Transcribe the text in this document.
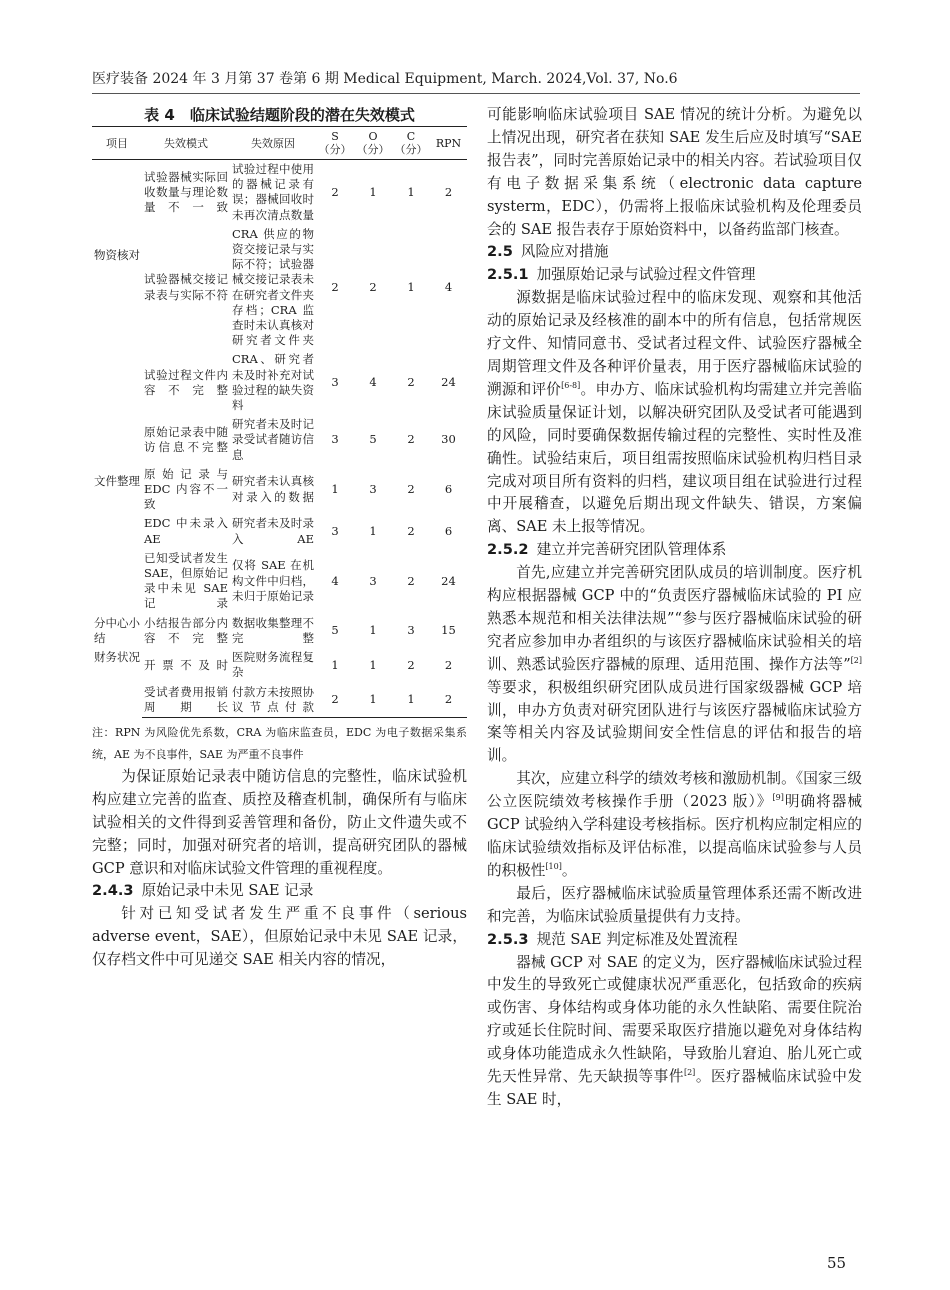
医疗装备 2024 年 3 月第 37 卷第 6 期 Medical Equipment, March. 2024,Vol. 37, No.6
表 4　临床试验结题阶段的潜在失效模式
项目	失效模式	失效原因	S（分）	O（分）	C（分）	RPN
物资核对	试验器械实际回收数量与理论数量不一致	试验过程中使用的器械记录有误；器械回收时未再次清点数量	2	1	1	2
	试验器械交接记录表与实际不符	CRA 供应的物资交接记录与实际不符；试验器械交接记录表未在研究者文件夹存档；CRA 监查时未认真核对研究者文件夹	2	2	1	4
文件整理	试验过程文件内容不完整	CRA、研究者未及时补充对试验过程的缺失资料	3	4	2	24
	原始记录表中随访信息不完整	研究者未及时记录受试者随访信息	3	5	2	30
	原始记录与 EDC 内容不一致	研究者未认真核对录入的数据	1	3	2	6
	EDC 中未录入 AE	研究者未及时录入 AE	3	1	2	6
	已知受试者发生 SAE，但原始记录中未见 SAE 记录	仅将 SAE 在机构文件中归档，未归于原始记录	4	3	2	24
分中心小结	小结报告部分内容不完整	数据收集整理不完整	5	1	3	15
财务状况	开票不及时	医院财务流程复杂	1	1	2	2
	受试者费用报销周期长	付款方未按照协议节点付款	2	1	1	2
注：RPN 为风险优先系数，CRA 为临床监查员，EDC 为电子数据采集系统，AE 为不良事件，SAE 为严重不良事件

为保证原始记录表中随访信息的完整性，临床试验机构应建立完善的监查、质控及稽查机制，确保所有与临床试验相关的文件得到妥善管理和备份，防止文件遗失或不完整；同时，加强对研究者的培训，提高研究团队的器械 GCP 意识和对临床试验文件管理的重视程度。

2.4.3 原始记录中未见 SAE 记录

针对已知受试者发生严重不良事件（serious adverse event，SAE），但原始记录中未见 SAE 记录，仅存档文件中可见递交 SAE 相关内容的情况，

可能影响临床试验项目 SAE 情况的统计分析。为避免以上情况出现，研究者在获知 SAE 发生后应及时填写“SAE 报告表”，同时完善原始记录中的相关内容。若试验项目仅有电子数据采集系统（electronic data capture systerm，EDC），仍需将上报临床试验机构及伦理委员会的 SAE 报告表存于原始资料中，以备药监部门核查。

2.5 风险应对措施
2.5.1 加强原始记录与试验过程文件管理

源数据是临床试验过程中的临床发现、观察和其他活动的原始记录及经核准的副本中的所有信息，包括常规医疗文件、知情同意书、受试者过程文件、试验医疗器械全周期管理文件及各种评价量表，用于医疗器械临床试验的溯源和评价[6-8]。申办方、临床试验机构均需建立并完善临床试验质量保证计划，以解决研究团队及受试者可能遇到的风险，同时要确保数据传输过程的完整性、实时性及准确性。试验结束后，项目组需按照临床试验机构归档目录完成对项目所有资料的归档，建议项目组在试验进行过程中开展稽查，以避免后期出现文件缺失、错误，方案偏离、SAE 未上报等情况。

2.5.2 建立并完善研究团队管理体系

首先,应建立并完善研究团队成员的培训制度。医疗机构应根据器械 GCP 中的“负责医疗器械临床试验的 PI 应熟悉本规范和相关法律法规”“参与医疗器械临床试验的研究者应参加申办者组织的与该医疗器械临床试验相关的培训、熟悉试验医疗器械的原理、适用范围、操作方法等”[2] 等要求，积极组织研究团队成员进行国家级器械 GCP 培训，申办方负责对研究团队进行与该医疗器械临床试验方案等相关内容及试验期间安全性信息的评估和报告的培训。

其次，应建立科学的绩效考核和激励机制。《国家三级公立医院绩效考核操作手册（2023 版）》[9]明确将器械 GCP 试验纳入学科建设考核指标。医疗机构应制定相应的临床试验绩效指标及评估标准，以提高临床试验参与人员的积极性[10]。

最后，医疗器械临床试验质量管理体系还需不断改进和完善，为临床试验质量提供有力支持。

2.5.3 规范 SAE 判定标准及处置流程

器械 GCP 对 SAE 的定义为，医疗器械临床试验过程中发生的导致死亡或健康状况严重恶化，包括致命的疾病或伤害、身体结构或身体功能的永久性缺陷、需要住院治疗或延长住院时间、需要采取医疗措施以避免对身体结构或身体功能造成永久性缺陷，导致胎儿窘迫、胎儿死亡或先天性异常、先天缺损等事件[2]。医疗器械临床试验中发生 SAE 时，

55
